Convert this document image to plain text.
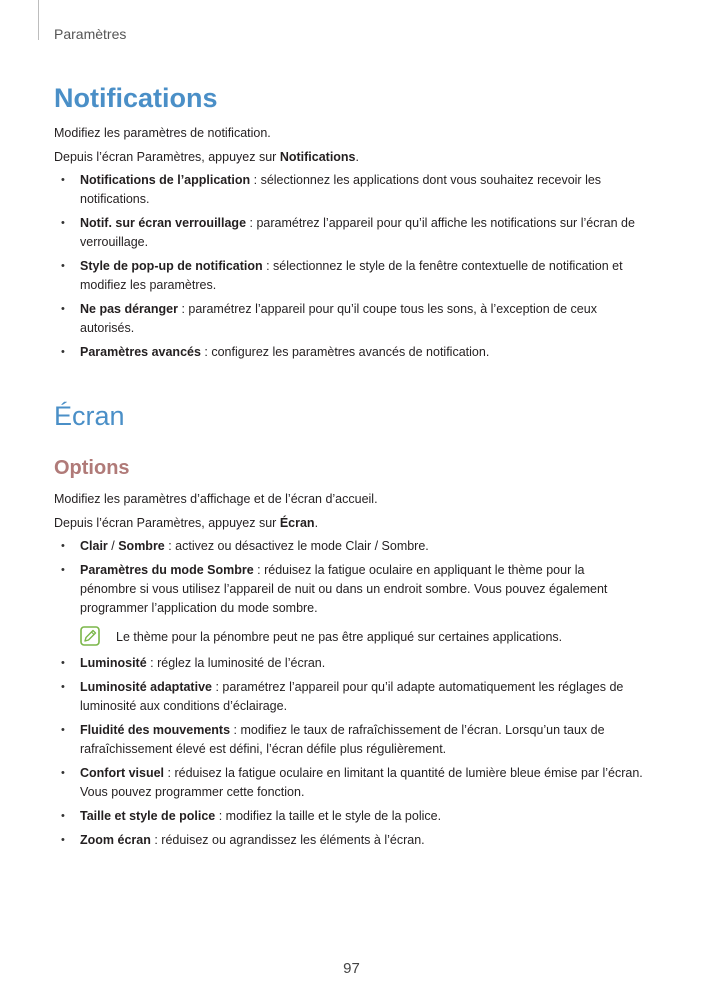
Paramètres
Notifications

Modifiez les paramètres de notification.

Depuis l’écran Paramètres, appuyez sur Notifications.

• Notifications de l’application : sélectionnez les applications dont vous souhaitez recevoir les notifications.
• Notif. sur écran verrouillage : paramétrez l’appareil pour qu’il affiche les notifications sur l’écran de verrouillage.
• Style de pop-up de notification : sélectionnez le style de la fenêtre contextuelle de notification et modifiez les paramètres.
• Ne pas déranger : paramétrez l’appareil pour qu’il coupe tous les sons, à l’exception de ceux autorisés.
• Paramètres avancés : configurez les paramètres avancés de notification.
Écran
Options

Modifiez les paramètres d’affichage et de l’écran d’accueil.

Depuis l’écran Paramètres, appuyez sur Écran.

• Clair / Sombre : activez ou désactivez le mode Clair / Sombre.
• Paramètres du mode Sombre : réduisez la fatigue oculaire en appliquant le thème pour la pénombre si vous utilisez l’appareil de nuit ou dans un endroit sombre. Vous pouvez également programmer l’application du mode sombre.
Le thème pour la pénombre peut ne pas être appliqué sur certaines applications.
• Luminosité : réglez la luminosité de l’écran.
• Luminosité adaptative : paramétrez l’appareil pour qu’il adapte automatiquement les réglages de luminosité aux conditions d’éclairage.
• Fluidité des mouvements : modifiez le taux de rafraîchissement de l’écran. Lorsqu’un taux de rafraîchissement élevé est défini, l’écran défile plus régulièrement.
• Confort visuel : réduisez la fatigue oculaire en limitant la quantité de lumière bleue émise par l’écran. Vous pouvez programmer cette fonction.
• Taille et style de police : modifiez la taille et le style de la police.
• Zoom écran : réduisez ou agrandissez les éléments à l’écran.
97
